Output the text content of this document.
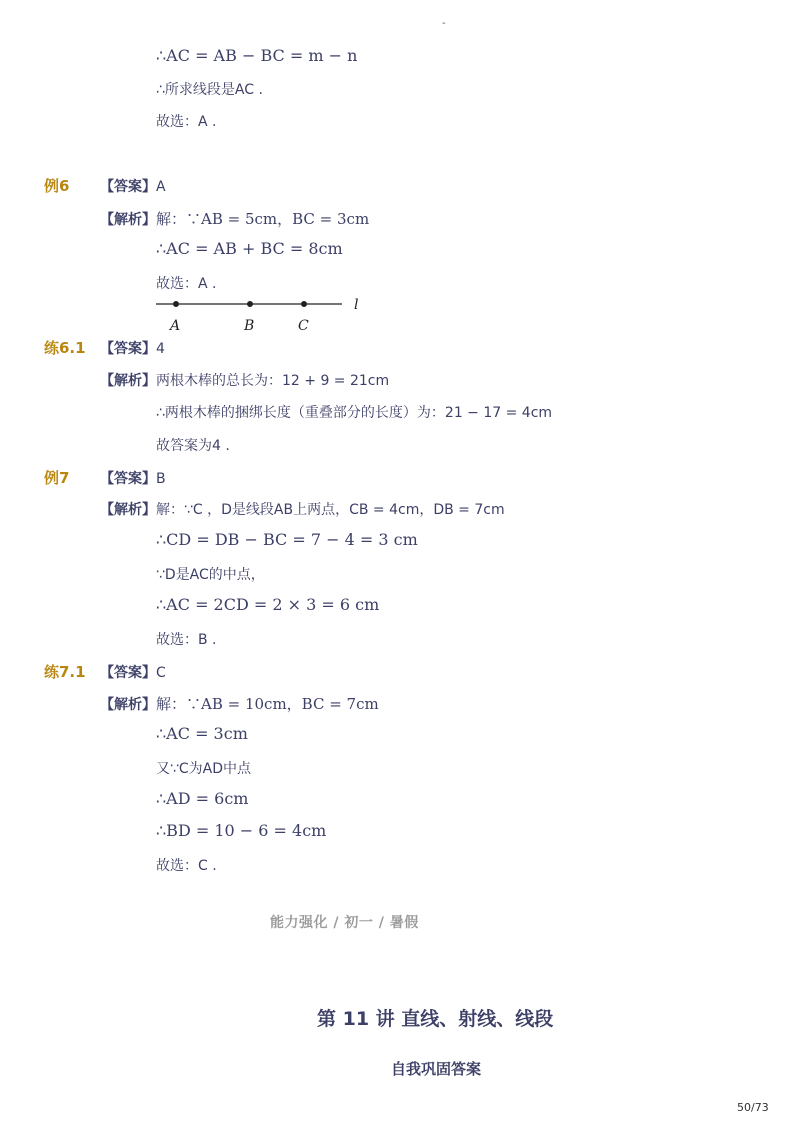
-
∴AC = AB − BC = m − n
∴所求线段是AC .
故选：A .
例6 【答案】A
【解析】解：∵AB = 5cm，BC = 3cm
∴AC = AB + BC = 8cm
故选：A .
A	B	C
l
练6.1 【答案】4
【解析】两根木棒的总长为：12 + 9 = 21cm
∴两根木棒的捆绑长度（重叠部分的长度）为：21 − 17 = 4cm
故答案为4 .
例7 【答案】B
【解析】解：∵C ，D是线段AB上两点，CB = 4cm，DB = 7cm
∴CD = DB − BC = 7 − 4 = 3 cm
∵D是AC的中点，
∴AC = 2CD = 2 × 3 = 6 cm
故选：B .
练7.1 【答案】C
【解析】解：∵AB = 10cm，BC = 7cm
∴AC = 3cm
又∵C为AD中点
∴AD = 6cm
∴BD = 10 − 6 = 4cm
故选：C .
能力强化 / 初一 / 暑假
第 11 讲 直线、射线、线段
自我巩固答案
50/73
